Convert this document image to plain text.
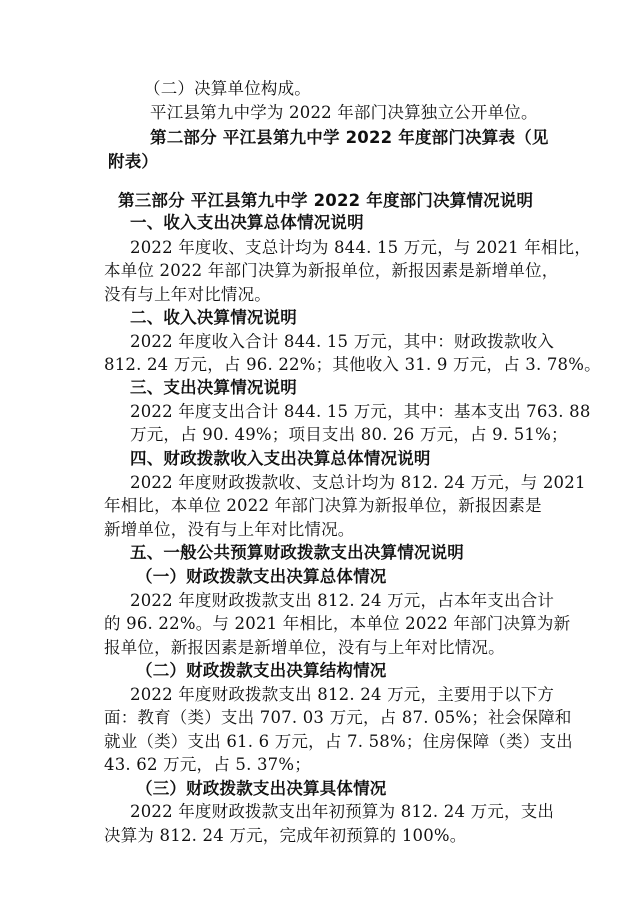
（二）决算单位构成。
平江县第九中学为 2022 年部门决算独立公开单位。
第二部分 平江县第九中学 2022 年度部门决算表（见
附表）
第三部分 平江县第九中学 2022 年度部门决算情况说明
一、收入支出决算总体情况说明
2022 年度收、支总计均为 844. 15 万元，与 2021 年相比，
本单位 2022 年部门决算为新报单位，新报因素是新增单位，
没有与上年对比情况。
二、收入决算情况说明
2022 年度收入合计 844. 15 万元，其中：财政拨款收入
812. 24 万元，占 96. 22%；其他收入 31. 9 万元，占 3. 78%。
三、支出决算情况说明
2022 年度支出合计 844. 15 万元，其中：基本支出 763. 88
万元，占 90. 49%；项目支出 80. 26 万元，占 9. 51%；
四、财政拨款收入支出决算总体情况说明
2022 年度财政拨款收、支总计均为 812. 24 万元，与 2021
年相比，本单位 2022 年部门决算为新报单位，新报因素是
新增单位，没有与上年对比情况。
五、一般公共预算财政拨款支出决算情况说明
（一）财政拨款支出决算总体情况
2022 年度财政拨款支出 812. 24 万元，占本年支出合计
的 96. 22%。与 2021 年相比，本单位 2022 年部门决算为新
报单位，新报因素是新增单位，没有与上年对比情况。
（二）财政拨款支出决算结构情况
2022 年度财政拨款支出 812. 24 万元，主要用于以下方
面：教育（类）支出 707. 03 万元，占 87. 05%；社会保障和
就业（类）支出 61. 6 万元，占 7. 58%；住房保障（类）支出
43. 62 万元，占 5. 37%；
（三）财政拨款支出决算具体情况
2022 年度财政拨款支出年初预算为 812. 24 万元，支出
决算为 812. 24 万元，完成年初预算的 100%。
